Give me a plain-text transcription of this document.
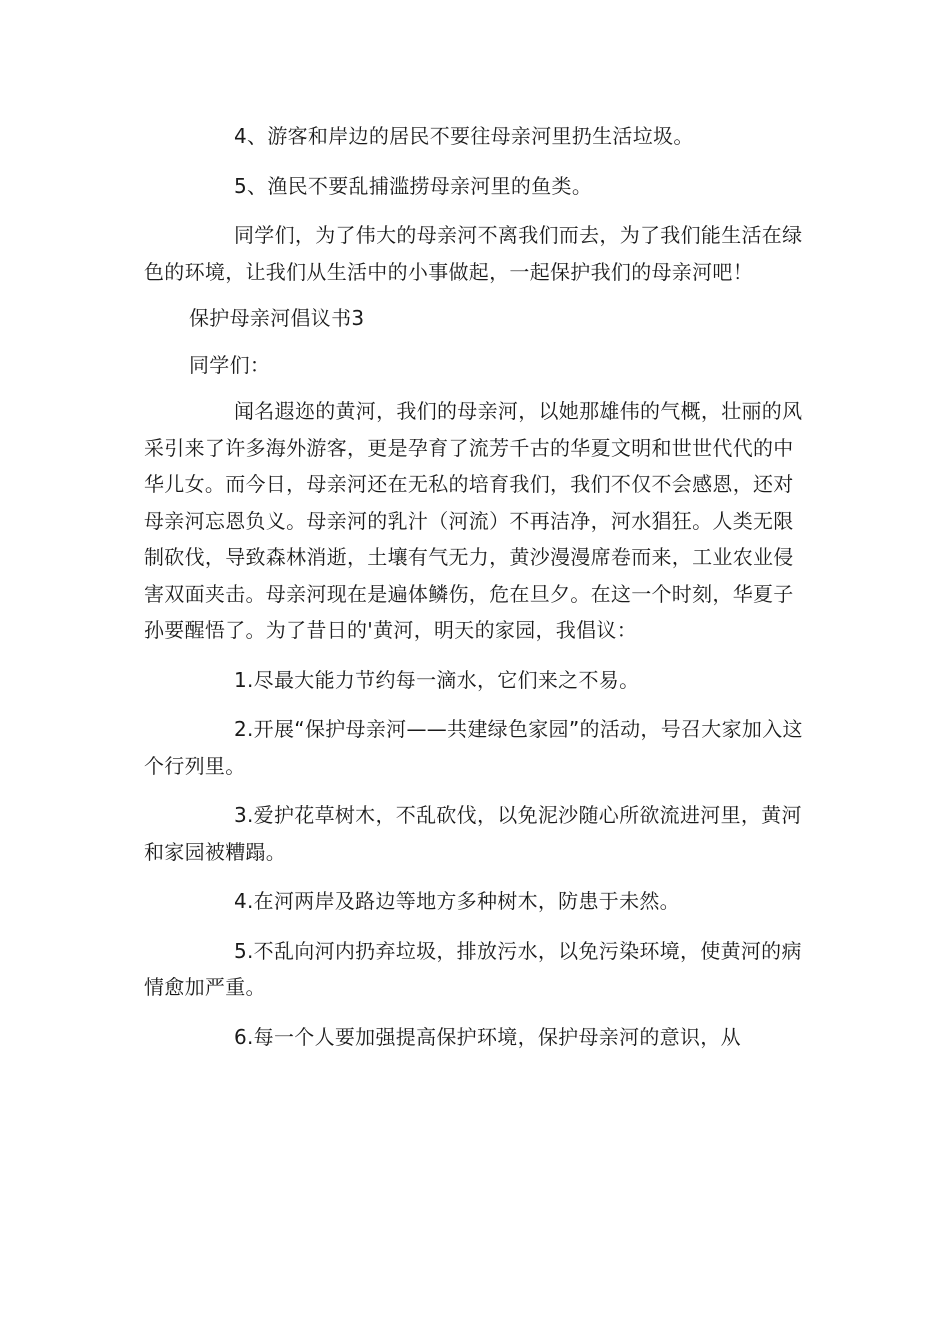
4、游客和岸边的居民不要往母亲河里扔生活垃圾。

5、渔民不要乱捕滥捞母亲河里的鱼类。

同学们，为了伟大的母亲河不离我们而去，为了我们能生活在绿色的环境，让我们从生活中的小事做起，一起保护我们的母亲河吧！

保护母亲河倡议书3

同学们：

闻名遐迩的黄河，我们的母亲河，以她那雄伟的气概，壮丽的风采引来了许多海外游客，更是孕育了流芳千古的华夏文明和世世代代的中华儿女。而今日，母亲河还在无私的培育我们，我们不仅不会感恩，还对母亲河忘恩负义。母亲河的乳汁（河流）不再洁净，河水猖狂。人类无限制砍伐，导致森林消逝，土壤有气无力，黄沙漫漫席卷而来，工业农业侵害双面夹击。母亲河现在是遍体鳞伤，危在旦夕。在这一个时刻，华夏子孙要醒悟了。为了昔日的'黄河，明天的家园，我倡议：

1.尽最大能力节约每一滴水，它们来之不易。

2.开展“保护母亲河——共建绿色家园”的活动，号召大家加入这个行列里。

3.爱护花草树木，不乱砍伐，以免泥沙随心所欲流进河里，黄河和家园被糟蹋。

4.在河两岸及路边等地方多种树木，防患于未然。

5.不乱向河内扔弃垃圾，排放污水，以免污染环境，使黄河的病情愈加严重。

6.每一个人要加强提高保护环境，保护母亲河的意识，从
